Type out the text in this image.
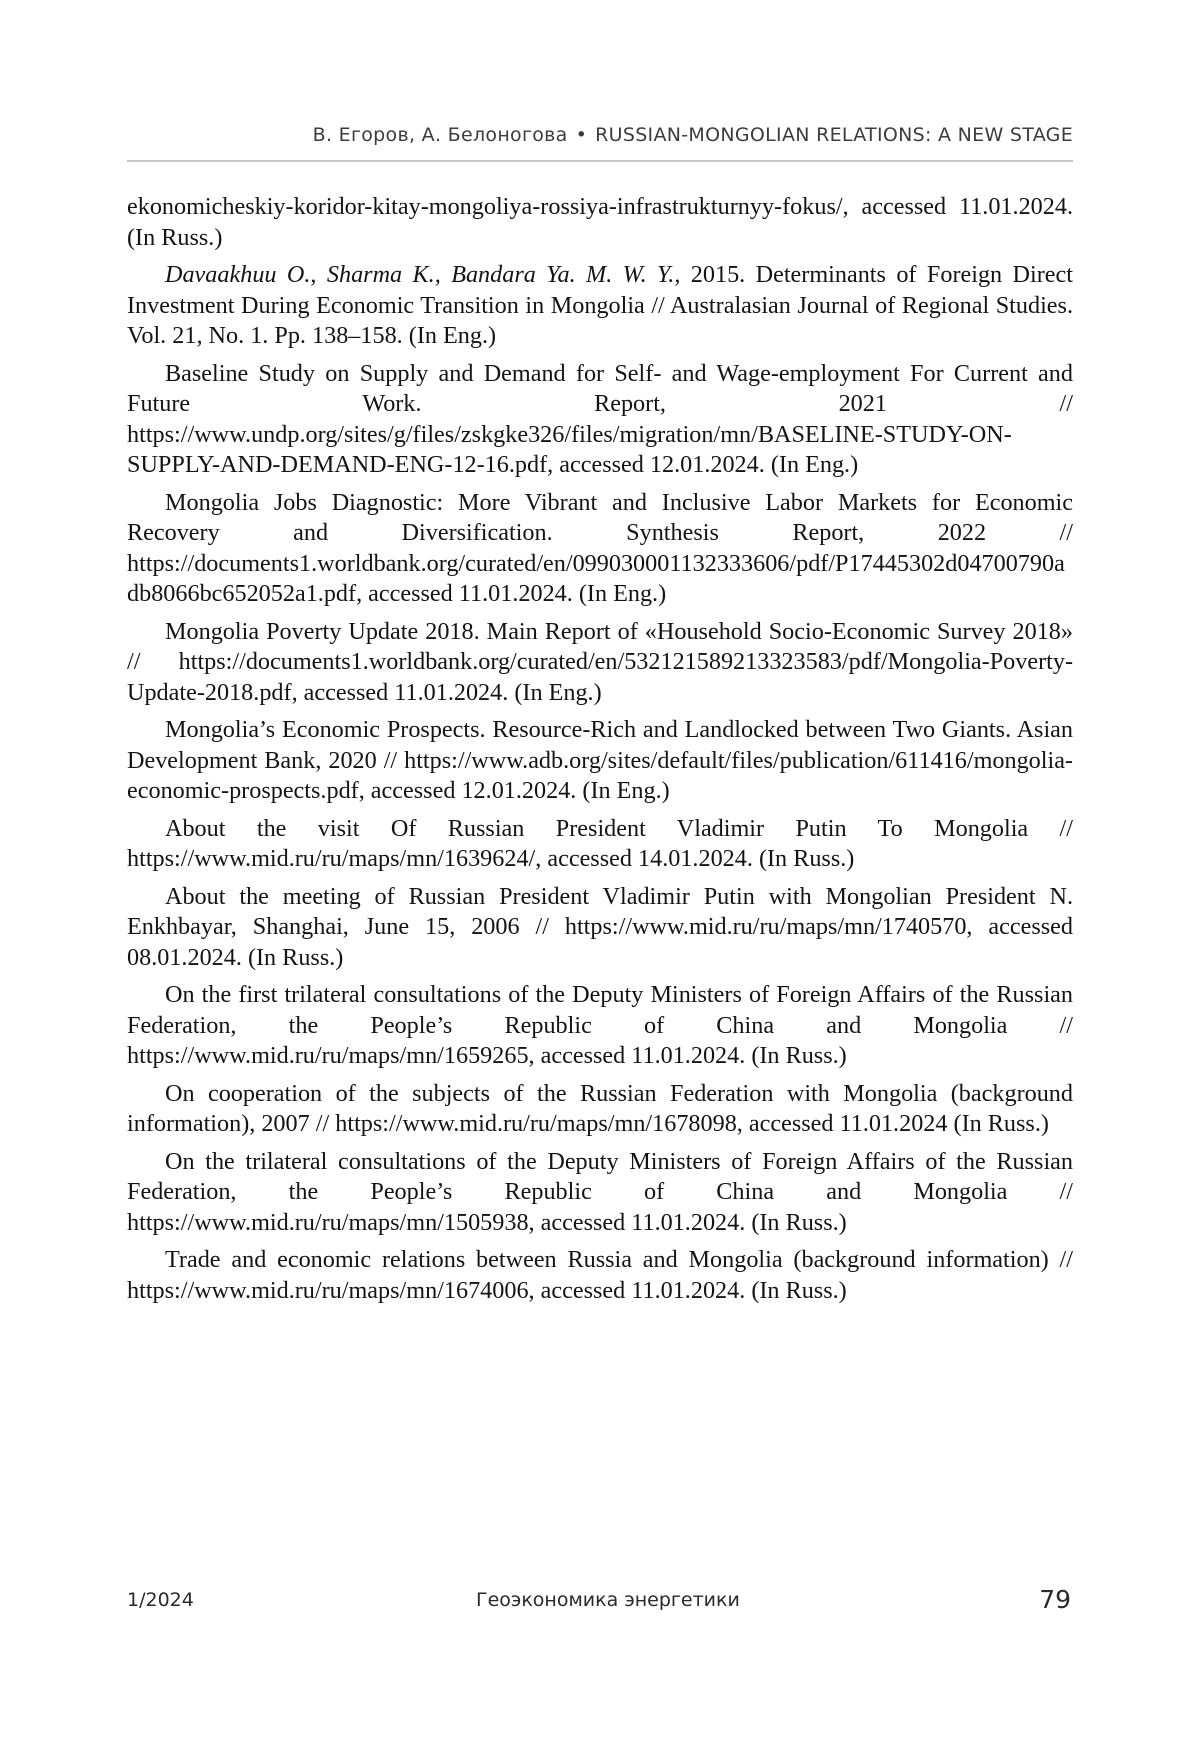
В. Егоров, А. Белоногова • RUSSIAN-MONGOLIAN RELATIONS: A NEW STAGE

ekonomicheskiy-koridor-kitay-mongoliya-rossiya-infrastrukturnyy-fokus/, accessed 11.01.2024. (In Russ.)

Davaakhuu O., Sharma K., Bandara Ya. M. W. Y., 2015. Determinants of Foreign Direct Investment During Economic Transition in Mongolia // Australasian Journal of Regional Studies. Vol. 21, No. 1. Pp. 138–158. (In Eng.)

Baseline Study on Supply and Demand for Self- and Wage-employment For Current and Future Work. Report, 2021 // https://www.undp.org/sites/g/files/zskgke326/files/migration/mn/BASELINE-STUDY-ON-SUPPLY-AND-DEMAND-ENG-12-16.pdf, accessed 12.01.2024. (In Eng.)

Mongolia Jobs Diagnostic: More Vibrant and Inclusive Labor Markets for Economic Recovery and Diversification. Synthesis Report, 2022 // https://documents1.worldbank.org/curated/en/099030001132333606/pdf/P17445302d04700790adb8066bc652052a1.pdf, accessed 11.01.2024. (In Eng.)

Mongolia Poverty Update 2018. Main Report of «Household Socio-Economic Survey 2018» // https://documents1.worldbank.org/curated/en/532121589213323583/pdf/Mongolia-Poverty-Update-2018.pdf, accessed 11.01.2024. (In Eng.)

Mongolia’s Economic Prospects. Resource-Rich and Landlocked between Two Giants. Asian Development Bank, 2020 // https://www.adb.org/sites/default/files/publication/611416/mongolia-economic-prospects.pdf, accessed 12.01.2024. (In Eng.)

About the visit Of Russian President Vladimir Putin To Mongolia // https://www.mid.ru/ru/maps/mn/1639624/, accessed 14.01.2024. (In Russ.)

About the meeting of Russian President Vladimir Putin with Mongolian President N. Enkhbayar, Shanghai, June 15, 2006 // https://www.mid.ru/ru/maps/mn/1740570, accessed 08.01.2024. (In Russ.)

On the first trilateral consultations of the Deputy Ministers of Foreign Affairs of the Russian Federation, the People’s Republic of China and Mongolia // https://www.mid.ru/ru/maps/mn/1659265, accessed 11.01.2024. (In Russ.)

On cooperation of the subjects of the Russian Federation with Mongolia (background information), 2007 // https://www.mid.ru/ru/maps/mn/1678098, accessed 11.01.2024 (In Russ.)

On the trilateral consultations of the Deputy Ministers of Foreign Affairs of the Russian Federation, the People’s Republic of China and Mongolia // https://www.mid.ru/ru/maps/mn/1505938, accessed 11.01.2024. (In Russ.)

Trade and economic relations between Russia and Mongolia (background information) // https://www.mid.ru/ru/maps/mn/1674006, accessed 11.01.2024. (In Russ.)

1/2024	Геоэкономика энергетики	79
